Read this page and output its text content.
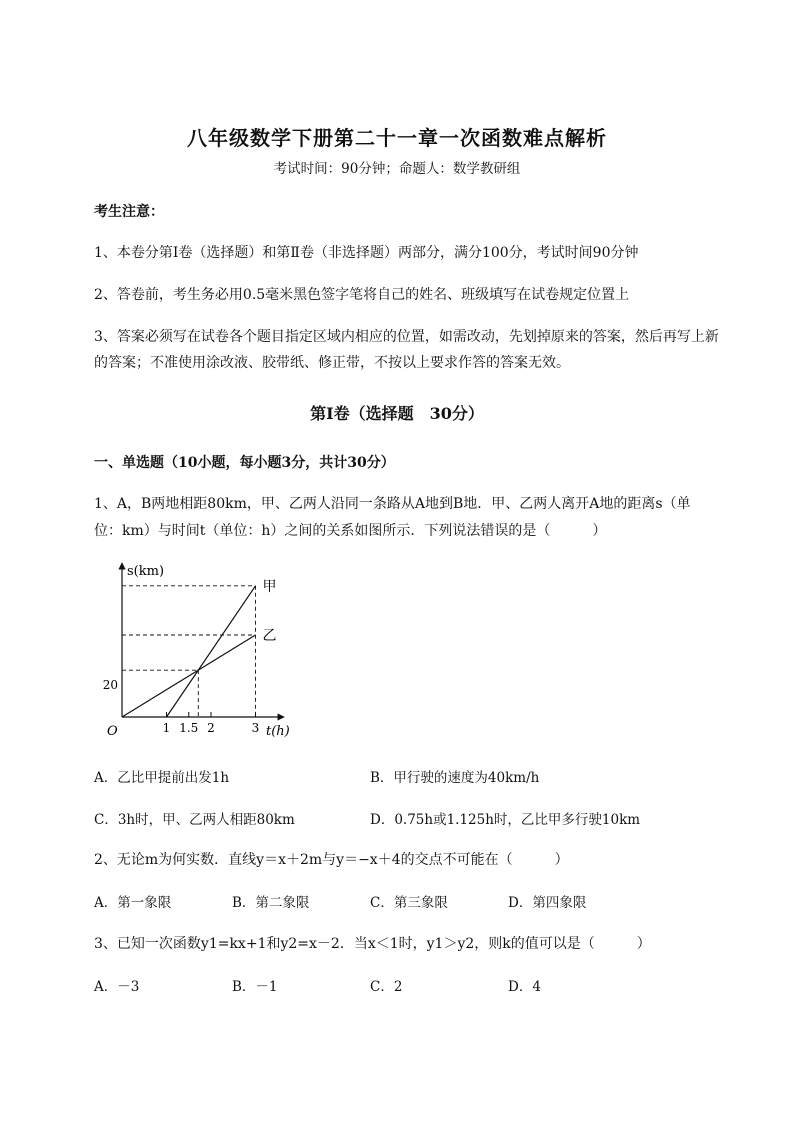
八年级数学下册第二十一章一次函数难点解析
考试时间：90分钟；命题人：数学教研组
考生注意：
1、本卷分第I卷（选择题）和第Ⅱ卷（非选择题）两部分，满分100分，考试时间90分钟
2、答卷前，考生务必用0.5毫米黑色签字笔将自己的姓名、班级填写在试卷规定位置上
3、答案必须写在试卷各个题目指定区域内相应的位置，如需改动，先划掉原来的答案，然后再写上新
的答案；不准使用涂改液、胶带纸、修正带，不按以上要求作答的答案无效。
第I卷（选择题　30分）
一、单选题（10小题，每小题3分，共计30分）
1、A，B两地相距80km，甲、乙两人沿同一条路从A地到B地．甲、乙两人离开A地的距离s（单
位：km）与时间t（单位：h）之间的关系如图所示．下列说法错误的是（　　　）
s(km)
t(h)
O
甲
乙
1 1.5 2	3
20
A．乙比甲提前出发1h	B．甲行驶的速度为40km/h
C．3h时，甲、乙两人相距80km	D．0.75h或1.125h时，乙比甲多行驶10km
2、无论m为何实数．直线y＝x＋2m与y＝−x＋4的交点不可能在（　　　）
A．第一象限	B．第二象限	C．第三象限	D．第四象限
3、已知一次函数y1=kx+1和y2=x－2．当x＜1时，y1＞y2，则k的值可以是（　　　）
A．－3	B．－1	C．2	D．4
